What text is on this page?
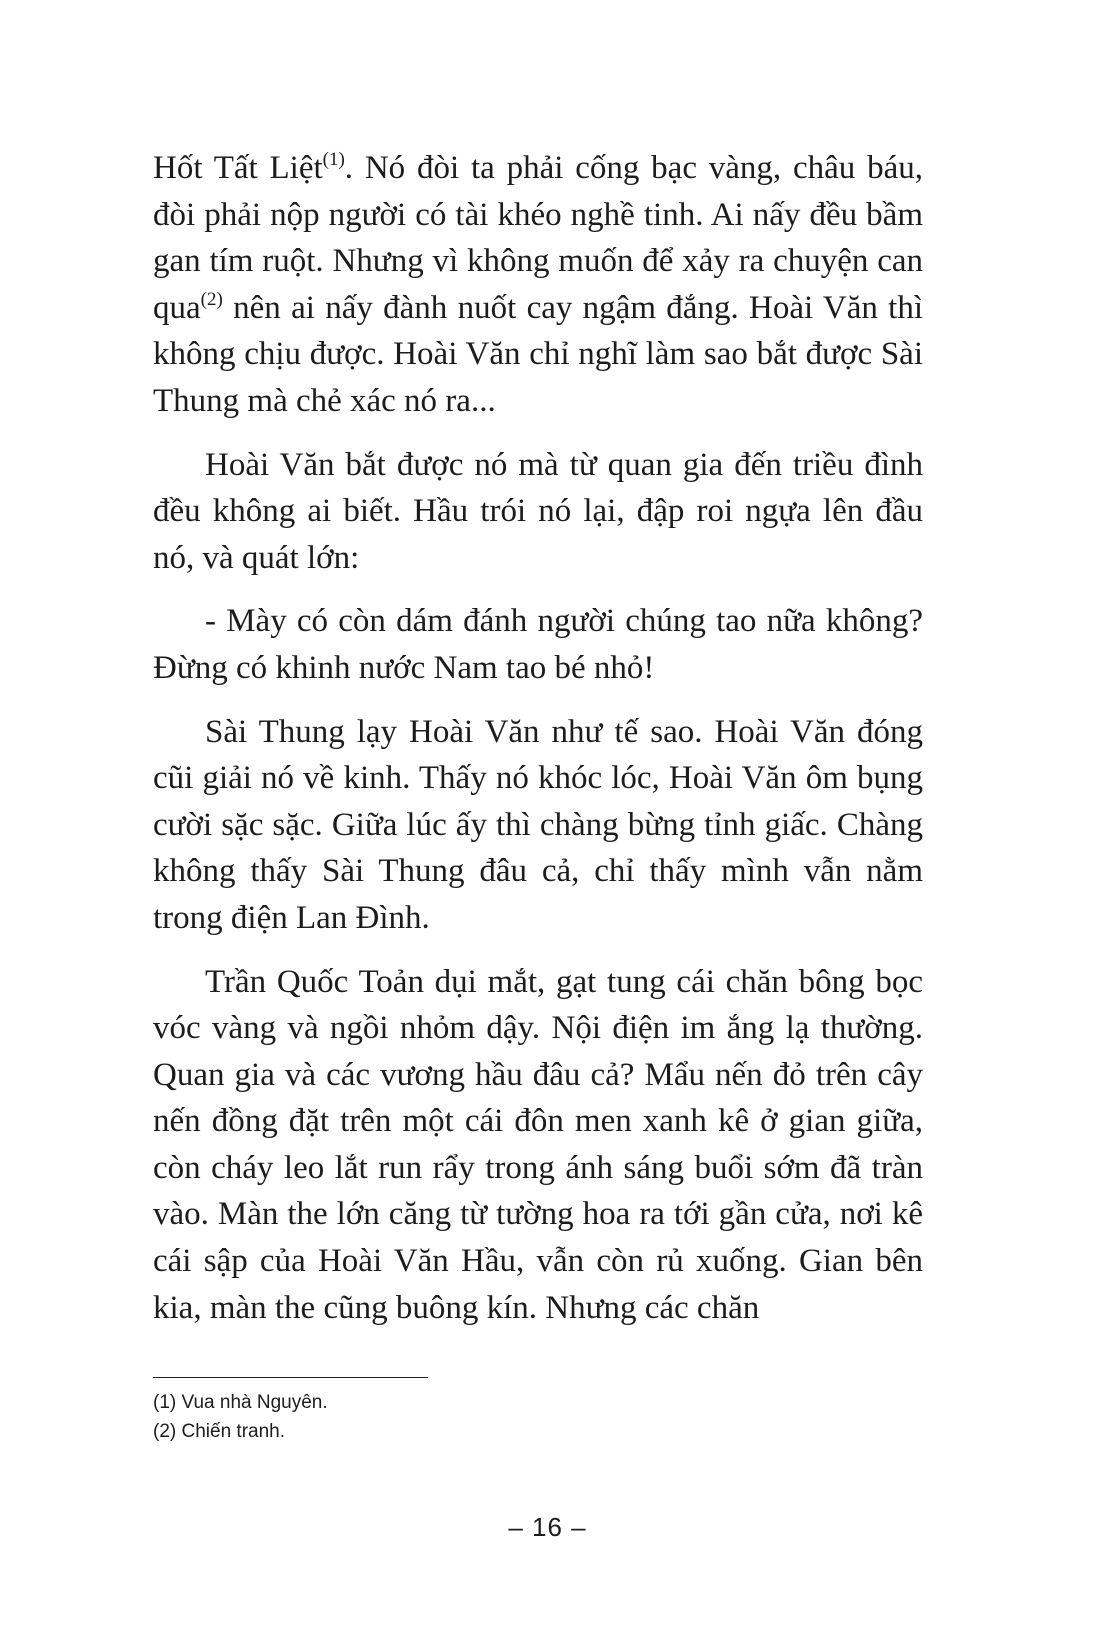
Hốt Tất Liệt$^{(1)}$. Nó đòi ta phải cống bạc vàng, châu báu, đòi phải nộp người có tài khéo nghề tinh. Ai nấy đều bầm gan tím ruột. Nhưng vì không muốn để xảy ra chuyện can qua$^{(2)}$ nên ai nấy đành nuốt cay ngậm đắng. Hoài Văn thì không chịu được. Hoài Văn chỉ nghĩ làm sao bắt được Sài Thung mà chẻ xác nó ra...

Hoài Văn bắt được nó mà từ quan gia đến triều đình đều không ai biết. Hầu trói nó lại, đập roi ngựa lên đầu nó, và quát lớn:

- Mày có còn dám đánh người chúng tao nữa không? Đừng có khinh nước Nam tao bé nhỏ!

Sài Thung lạy Hoài Văn như tế sao. Hoài Văn đóng cũi giải nó về kinh. Thấy nó khóc lóc, Hoài Văn ôm bụng cười sặc sặc. Giữa lúc ấy thì chàng bừng tỉnh giấc. Chàng không thấy Sài Thung đâu cả, chỉ thấy mình vẫn nằm trong điện Lan Đình.

Trần Quốc Toản dụi mắt, gạt tung cái chăn bông bọc vóc vàng và ngồi nhỏm dậy. Nội điện im ắng lạ thường. Quan gia và các vương hầu đâu cả? Mẩu nến đỏ trên cây nến đồng đặt trên một cái đôn men xanh kê ở gian giữa, còn cháy leo lắt run rẩy trong ánh sáng buổi sớm đã tràn vào. Màn the lớn căng từ tường hoa ra tới gần cửa, nơi kê cái sập của Hoài Văn Hầu, vẫn còn rủ xuống. Gian bên kia, màn the cũng buông kín. Nhưng các chăn

(1) Vua nhà Nguyên.

(2) Chiến tranh.

– 16 –
